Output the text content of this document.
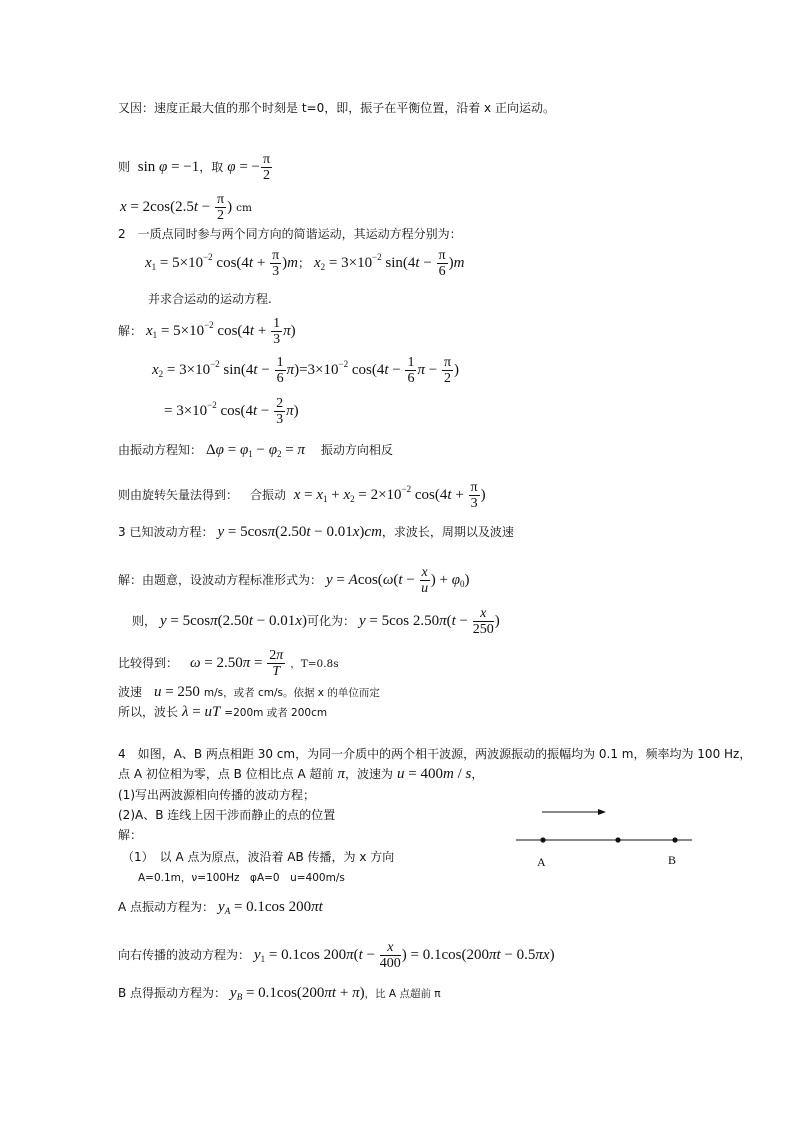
又因：速度正最大值的那个时刻是 t=0，即，振子在平衡位置，沿着 x 正向运动。
则  sin φ = −1，取 φ = − $\frac{\pi}{2}$
$x = 2\cos(2.5t - \frac{\pi}{2}$ ) cm
2　一质点同时参与两个同方向的简谐运动，其运动方程分别为：
$x_1 = 5\times 10^{-2}$ $\cos(4t + \frac{\pi}{3} )m$； $x_2 = 3\times 10^{-2}$ $\sin(4t - \frac{\pi}{6} )m$
并求合运动的运动方程.
解： $x_1 = 5\times 10^{-2}$ $\cos(4t + \frac{1}{3} \pi)$
$x_2 = 3\times 10^{-2}$ $\sin(4t - \frac{1}{6} \pi)=3\times 10^{-2}$ $\cos(4t - \frac{1}{6}$ $\pi - \frac{\pi}{2}$ )
= $3\times 10^{-2}$ $\cos(4t - \frac{2}{3} \pi)$
由振动方程知： $\Delta\varphi = \varphi_1 - \varphi_2 = \pi$ 振动方向相反
则由旋转矢量法得到： 合振动 $x = x_1 + x_2 = 2\times 10^{-2}$ $\cos(4t + \frac{\pi}{3}$ )
3 已知波动方程： y = 5cosπ(2.50t − 0.01x)cm，求波长，周期以及波速
解：由题意，设波动方程标准形式为： $y = Acos(\omega(t - \frac{x}{u}$ ) + $\varphi_0$)
则， y = 5cosπ(2.50t − 0.01x)可化为： y = 5cos $2.50\pi(t - \frac{x}{250}$ )
比较得到： $\omega = 2.50\pi = \frac{2\pi}{T}$ ，T=0.8s
波速 u = 250 m/s，或者 cm/s。依据 x 的单位而定
所以，波长 λ = uT =200m 或者 200cm
4　如图，A、B 两点相距 30 cm，为同一介质中的两个相干波源，两波源振动的振幅均为 0.1 m，频率均为 100 Hz，
点 A 初位相为零，点 B 位相比点 A 超前 π，波速为 u = 400m / s，
(1)写出两波源相向传播的波动方程；
(2)A、B 连线上因干涉而静止的点的位置
解：
（1）　以 A 点为原点，波沿着 AB 传播，为 x 方向
A=0.1m，ν=100Hz　φA=0　u=400m/s
A	B
A 点振动方程为： $y_A = 0.1\cos$ 200πt
向右传播的波动方程为： $y_1 = 0.1\cos$ $200\pi(t - \frac{x}{400}$ ) = 0.1cos(200πt − 0.5πx)
B 点得振动方程为： $y_B = 0.1\cos(200\pi t + \pi)$，比 A 点超前 π
